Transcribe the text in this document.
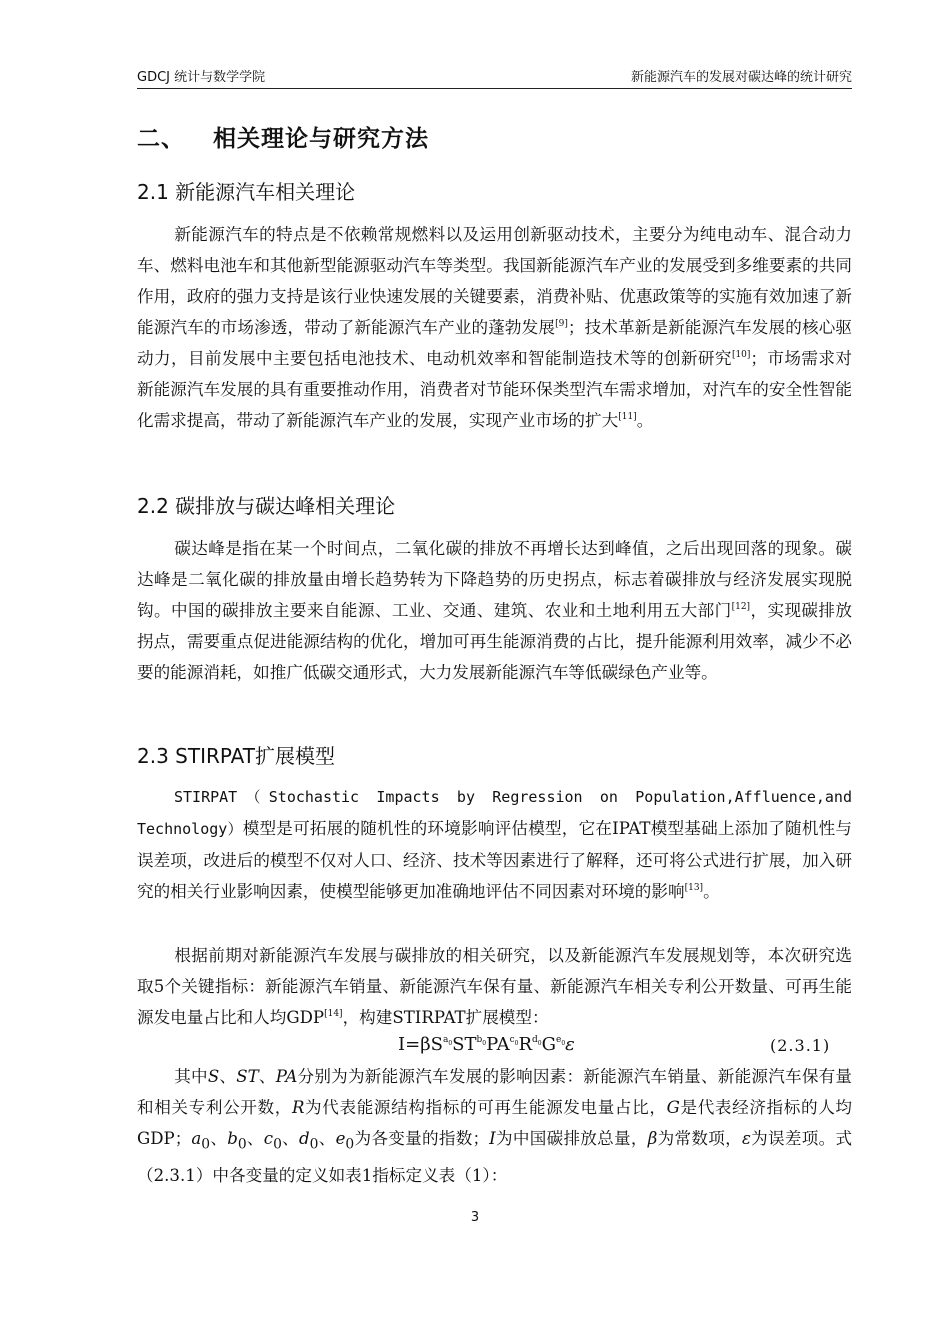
GDCJ 统计与数学学院	新能源汽车的发展对碳达峰的统计研究
二、 相关理论与研究方法
2.1 新能源汽车相关理论

新能源汽车的特点是不依赖常规燃料以及运用创新驱动技术，主要分为纯电动车、混合动力车、燃料电池车和其他新型能源驱动汽车等类型。我国新能源汽车产业的发展受到多维要素的共同作用，政府的强力支持是该行业快速发展的关键要素，消费补贴、优惠政策等的实施有效加速了新能源汽车的市场渗透，带动了新能源汽车产业的蓬勃发展[9]；技术革新是新能源汽车发展的核心驱动力，目前发展中主要包括电池技术、电动机效率和智能制造技术等的创新研究[10]；市场需求对新能源汽车发展的具有重要推动作用，消费者对节能环保类型汽车需求增加，对汽车的安全性智能化需求提高，带动了新能源汽车产业的发展，实现产业市场的扩大[11]。

2.2 碳排放与碳达峰相关理论

碳达峰是指在某一个时间点，二氧化碳的排放不再增长达到峰值，之后出现回落的现象。碳达峰是二氧化碳的排放量由增长趋势转为下降趋势的历史拐点，标志着碳排放与经济发展实现脱钩。中国的碳排放主要来自能源、工业、交通、建筑、农业和土地利用五大部门[12]，实现碳排放拐点，需要重点促进能源结构的优化，增加可再生能源消费的占比，提升能源利用效率，减少不必要的能源消耗，如推广低碳交通形式，大力发展新能源汽车等低碳绿色产业等。

2.3 STIRPAT扩展模型

STIRPAT（Stochastic Impacts by Regression on Population,Affluence,and Technology）模型是可拓展的随机性的环境影响评估模型，它在IPAT模型基础上添加了随机性与误差项，改进后的模型不仅对人口、经济、技术等因素进行了解释，还可将公式进行扩展，加入研究的相关行业影响因素，使模型能够更加准确地评估不同因素对环境的影响[13]。

根据前期对新能源汽车发展与碳排放的相关研究，以及新能源汽车发展规划等，本次研究选取5个关键指标：新能源汽车销量、新能源汽车保有量、新能源汽车相关专利公开数量、可再生能源发电量占比和人均GDP[14]，构建STIRPAT扩展模型：

$I=\beta S^{a_0}ST^{b_0}PA^{c_0}R^{d_0}G^{e_0}\varepsilon$	(2.3.1)

其中S、ST、PA分别为为新能源汽车发展的影响因素：新能源汽车销量、新能源汽车保有量和相关专利公开数，R为代表能源结构指标的可再生能源发电量占比，G是代表经济指标的人均GDP；$a_0$、$b_0$、$c_0$、$d_0$、$e_0$为各变量的指数；I为中国碳排放总量，β为常数项，ε为误差项。式（2.3.1）中各变量的定义如表1指标定义表（1）：

3
